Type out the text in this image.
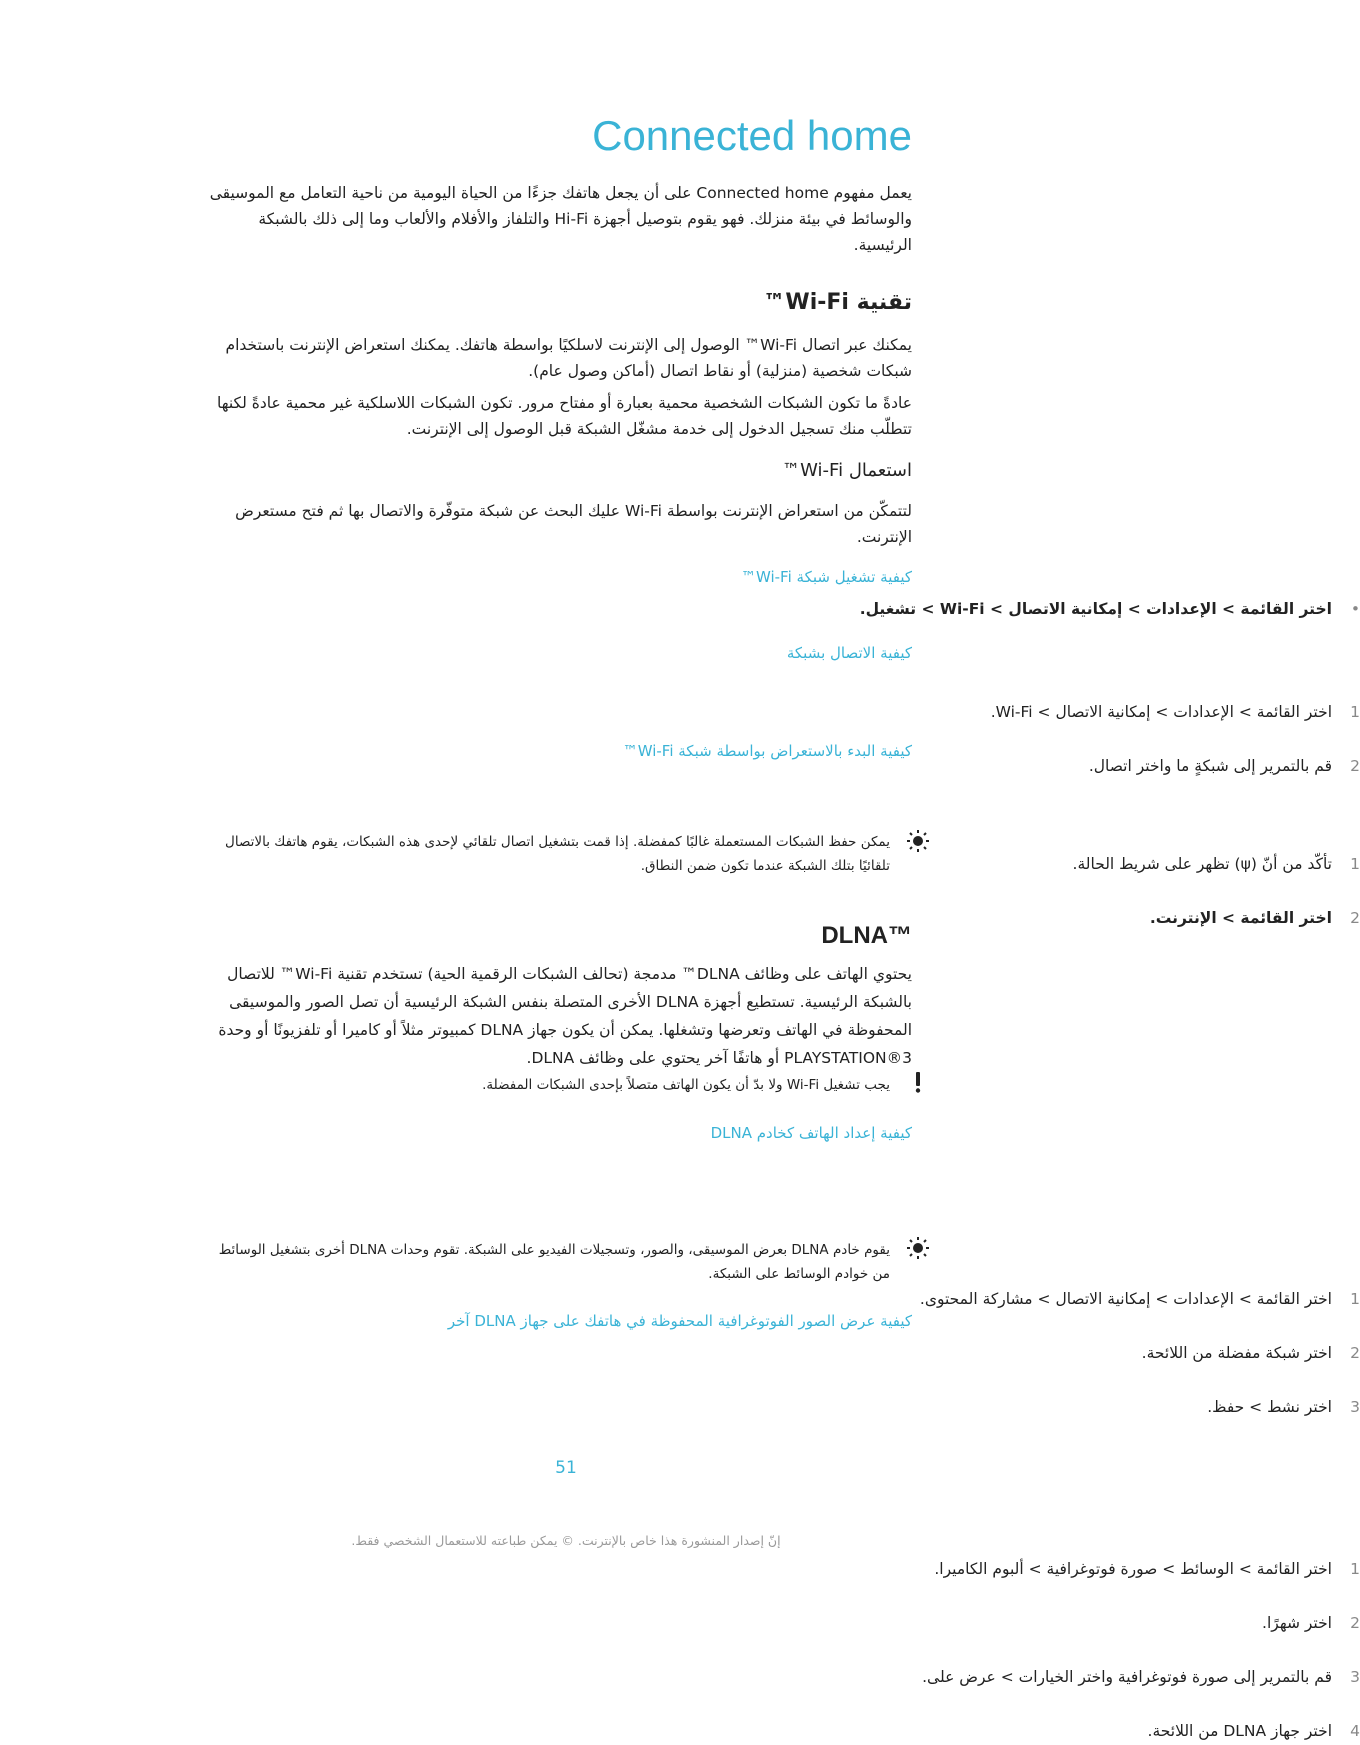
Connected home
يعمل مفهوم Connected home على أن يجعل هاتفك جزءًا من الحياة اليومية من ناحية التعامل مع الموسيقى والوسائط في بيئة منزلك. فهو يقوم بتوصيل أجهزة Hi-Fi والتلفاز والأفلام والألعاب وما إلى ذلك بالشبكة الرئيسية.
تقنية Wi-Fi™
يمكنك عبر اتصال Wi-Fi™ الوصول إلى الإنترنت لاسلكيًا بواسطة هاتفك. يمكنك استعراض الإنترنت باستخدام شبكات شخصية (منزلية) أو نقاط اتصال (أماكن وصول عام).
عادةً ما تكون الشبكات الشخصية محمية بعبارة أو مفتاح مرور. تكون الشبكات اللاسلكية غير محمية عادةً لكنها تتطلّب منك تسجيل الدخول إلى خدمة مشغّل الشبكة قبل الوصول إلى الإنترنت.
استعمال Wi-Fi™
لتتمكّن من استعراض الإنترنت بواسطة Wi-Fi عليك البحث عن شبكة متوفّرة والاتصال بها ثم فتح مستعرض الإنترنت.
كيفية تشغيل شبكة Wi-Fi™
•
اختر القائمة > الإعدادات > إمكانية الاتصال > Wi-Fi > تشغيل.
كيفية الاتصال بشبكة
1
اختر القائمة > الإعدادات > إمكانية الاتصال > Wi-Fi.
2
قم بالتمرير إلى شبكةٍ ما واختر اتصال.
كيفية البدء بالاستعراض بواسطة شبكة Wi-Fi™
1
تأكّد من أنّ (ψ) تظهر على شريط الحالة.
2
اختر القائمة > الإنترنت.
يمكن حفظ الشبكات المستعملة غالبًا كمفضلة. إذا قمت بتشغيل اتصال تلقائي لإحدى هذه الشبكات، يقوم هاتفك بالاتصال تلقائيًا بتلك الشبكة عندما تكون ضمن النطاق.
DLNA™
يحتوي الهاتف على وظائف DLNA™ مدمجة (تحالف الشبكات الرقمية الحية) تستخدم تقنية Wi-Fi™ للاتصال بالشبكة الرئيسية. تستطيع أجهزة DLNA الأخرى المتصلة بنفس الشبكة الرئيسية أن تصل الصور والموسيقى المحفوظة في الهاتف وتعرضها وتشغلها. يمكن أن يكون جهاز DLNA كمبيوتر مثلاً أو كاميرا أو تلفزيونًا أو وحدة PLAYSTATION®3 أو هاتفًا آخر يحتوي على وظائف DLNA.
يجب تشغيل Wi-Fi ولا بدّ أن يكون الهاتف متصلاً بإحدى الشبكات المفضلة.
كيفية إعداد الهاتف كخادم DLNA
1
اختر القائمة > الإعدادات > إمكانية الاتصال > مشاركة المحتوى.
2
اختر شبكة مفضلة من اللائحة.
3
اختر نشط > حفظ.
يقوم خادم DLNA بعرض الموسيقى، والصور، وتسجيلات الفيديو على الشبكة. تقوم وحدات DLNA أخرى بتشغيل الوسائط من خوادم الوسائط على الشبكة.
كيفية عرض الصور الفوتوغرافية المحفوظة في هاتفك على جهاز DLNA آخر
1
اختر القائمة > الوسائط > صورة فوتوغرافية > ألبوم الكاميرا.
2
اختر شهرًا.
3
قم بالتمرير إلى صورة فوتوغرافية واختر الخيارات > عرض على.
4
اختر جهاز DLNA من اللائحة.
51
إنّ إصدار المنشورة هذا خاص بالإنترنت. © يمكن طباعته للاستعمال الشخصي فقط.
